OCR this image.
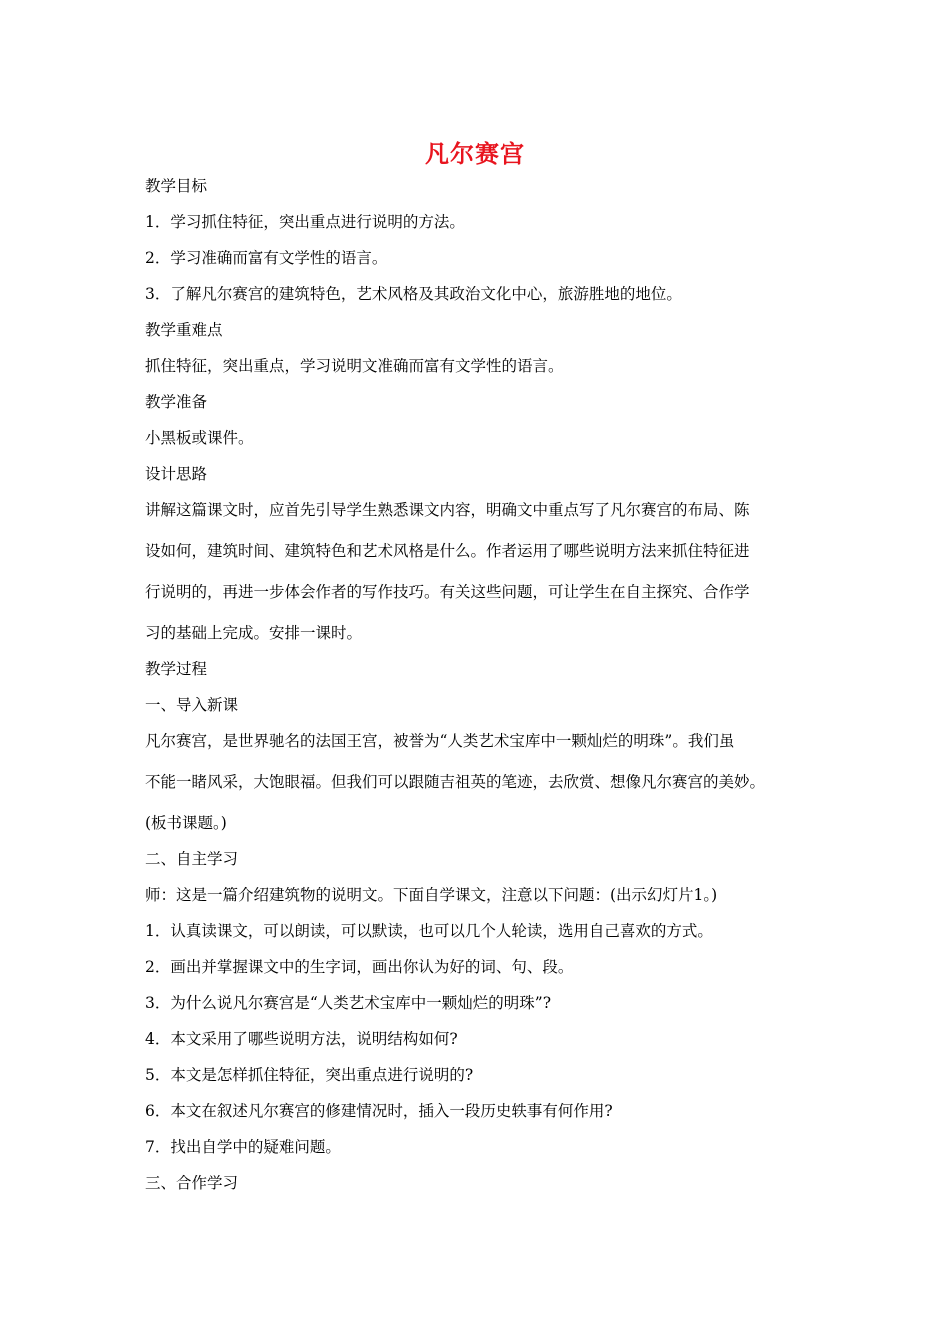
凡尔赛宫
教学目标
1．学习抓住特征，突出重点进行说明的方法。
2．学习准确而富有文学性的语言。
3．了解凡尔赛宫的建筑特色，艺术风格及其政治文化中心，旅游胜地的地位。
教学重难点
抓住特征，突出重点，学习说明文准确而富有文学性的语言。
教学准备
小黑板或课件。
设计思路
讲解这篇课文时，应首先引导学生熟悉课文内容，明确文中重点写了凡尔赛宫的布局、陈
设如何，建筑时间、建筑特色和艺术风格是什么。作者运用了哪些说明方法来抓住特征进
行说明的，再进一步体会作者的写作技巧。有关这些问题，可让学生在自主探究、合作学
习的基础上完成。安排一课时。
教学过程
一、导入新课
凡尔赛宫，是世界驰名的法国王宫，被誉为“人类艺术宝库中一颗灿烂的明珠”。我们虽
不能一睹风采，大饱眼福。但我们可以跟随吉祖英的笔迹，去欣赏、想像凡尔赛宫的美妙。
(板书课题。)
二、自主学习
师：这是一篇介绍建筑物的说明文。下面自学课文，注意以下问题：(出示幻灯片1。)
1．认真读课文，可以朗读，可以默读，也可以几个人轮读，选用自己喜欢的方式。
2．画出并掌握课文中的生字词，画出你认为好的词、句、段。
3．为什么说凡尔赛宫是“人类艺术宝库中一颗灿烂的明珠”?
4．本文采用了哪些说明方法，说明结构如何?
5．本文是怎样抓住特征，突出重点进行说明的?
6．本文在叙述凡尔赛宫的修建情况时，插入一段历史轶事有何作用?
7．找出自学中的疑难问题。
三、合作学习
